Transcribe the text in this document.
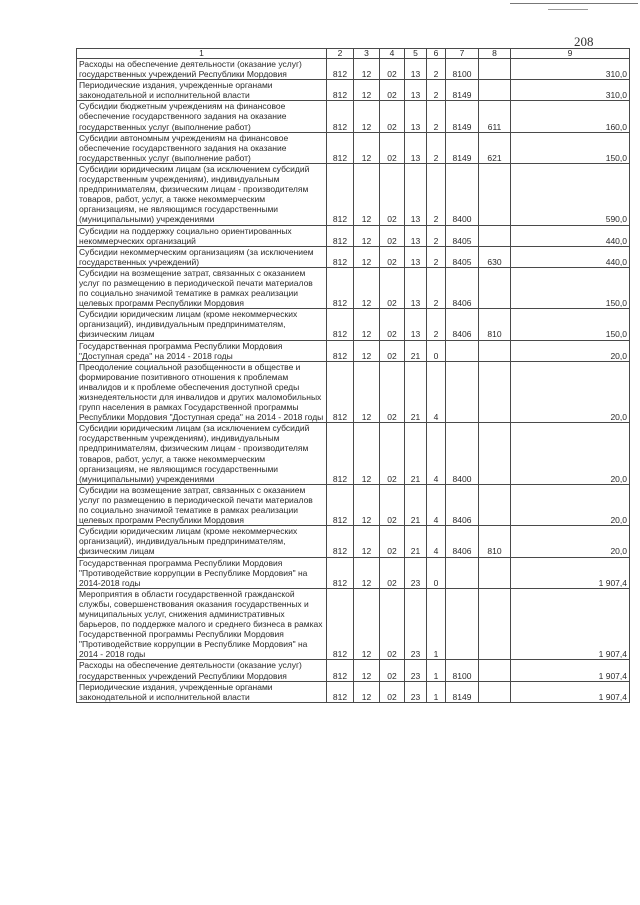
208
1	2	3	4	5	6	7	8	9
Расходы на обеспечение деятельности (оказание услуг) государственных учреждений Республики Мордовия	812	12	02	13	2	8100		310,0
Периодические издания, учрежденные органами законодательной и исполнительной власти	812	12	02	13	2	8149		310,0
Субсидии бюджетным учреждениям на финансовое обеспечение государственного задания на оказание государственных услуг (выполнение работ)	812	12	02	13	2	8149	611	160,0
Субсидии автономным учреждениям на финансовое обеспечение государственного задания на оказание государственных услуг (выполнение работ)	812	12	02	13	2	8149	621	150,0
Субсидии юридическим лицам (за исключением субсидий государственным учреждениям), индивидуальным предпринимателям, физическим лицам - производителям товаров, работ, услуг, а также некоммерческим организациям, не являющимся государственными (муниципальными) учреждениями	812	12	02	13	2	8400		590,0
Субсидии на поддержку социально ориентированных некоммерческих организаций	812	12	02	13	2	8405		440,0
Субсидии некоммерческим организациям (за исключением государственных учреждений)	812	12	02	13	2	8405	630	440,0
Субсидии на возмещение затрат, связанных с оказанием услуг по размещению в периодической печати материалов по социально значимой тематике в рамках реализации целевых программ Республики Мордовия	812	12	02	13	2	8406		150,0
Субсидии юридическим лицам (кроме некоммерческих организаций), индивидуальным предпринимателям, физическим лицам	812	12	02	13	2	8406	810	150,0
Государственная программа Республики Мордовия "Доступная среда" на 2014 - 2018 годы	812	12	02	21	0			20,0
Преодоление социальной разобщенности в обществе и формирование позитивного отношения к проблемам инвалидов и к проблеме обеспечения доступной среды жизнедеятельности для инвалидов и других маломобильных групп населения в рамках Государственной программы Республики Мордовия "Доступная среда" на 2014 - 2018 годы	812	12	02	21	4			20,0
Субсидии юридическим лицам (за исключением субсидий государственным учреждениям), индивидуальным предпринимателям, физическим лицам - производителям товаров, работ, услуг, а также некоммерческим организациям, не являющимся государственными (муниципальными) учреждениями	812	12	02	21	4	8400		20,0
Субсидии на возмещение затрат, связанных с оказанием услуг по размещению в периодической печати материалов по социально значимой тематике в рамках реализации целевых программ Республики Мордовия	812	12	02	21	4	8406		20,0
Субсидии юридическим лицам (кроме некоммерческих организаций), индивидуальным предпринимателям, физическим лицам	812	12	02	21	4	8406	810	20,0
Государственная программа Республики Мордовия "Противодействие коррупции в Республике Мордовия" на 2014-2018 годы	812	12	02	23	0			1 907,4
Мероприятия в области государственной гражданской службы, совершенствования оказания государственных и муниципальных услуг, снижения административных барьеров, по поддержке малого и среднего бизнеса в рамках Государственной программы Республики Мордовия "Противодействие коррупции в Республике Мордовия" на 2014 - 2018 годы	812	12	02	23	1			1 907,4
Расходы на обеспечение деятельности (оказание услуг) государственных учреждений Республики Мордовия	812	12	02	23	1	8100		1 907,4
Периодические издания, учрежденные органами законодательной и исполнительной власти	812	12	02	23	1	8149		1 907,4
